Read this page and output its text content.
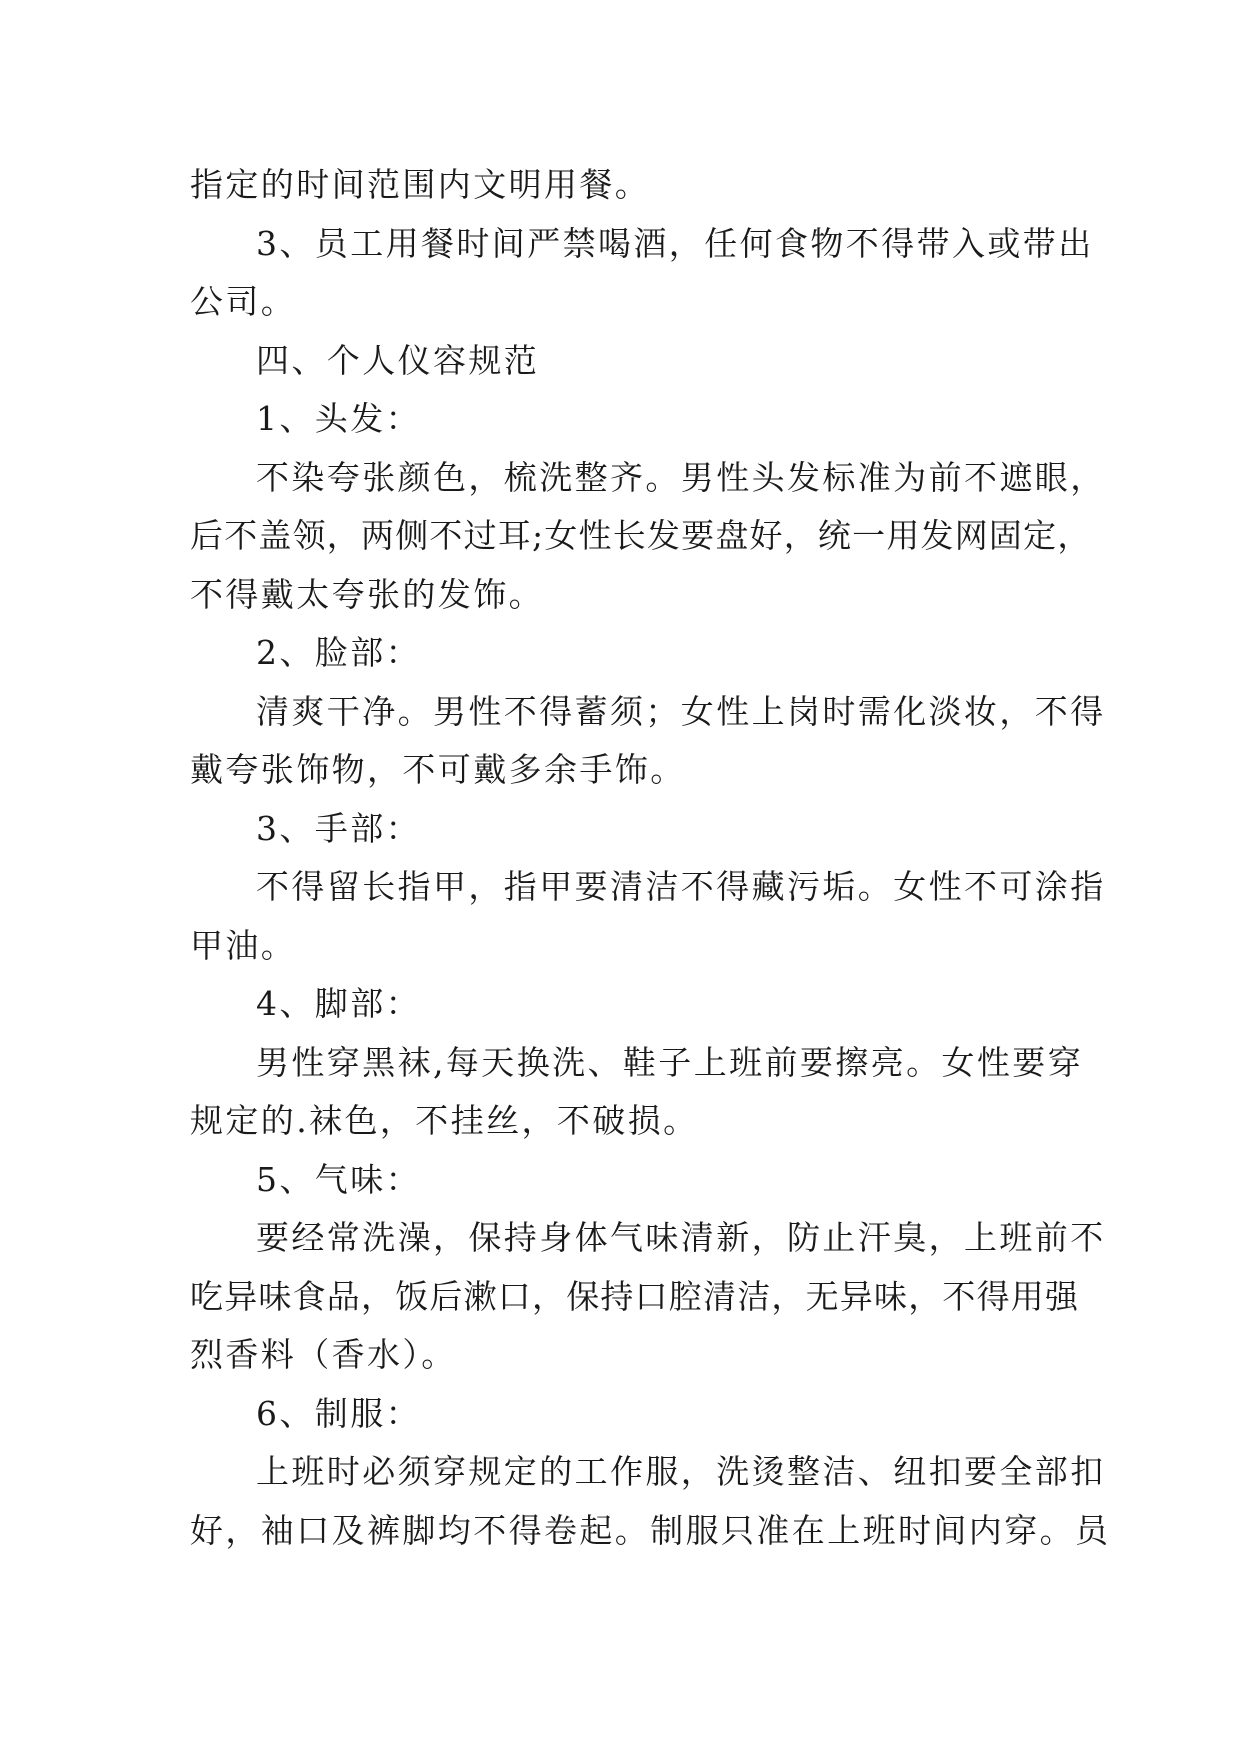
指定的时间范围内文明用餐。
3、员工用餐时间严禁喝酒，任何食物不得带入或带出
公司。
四、个人仪容规范
1、头发：
不染夸张颜色，梳洗整齐。男性头发标准为前不遮眼，
后不盖领，两侧不过耳;女性长发要盘好，统一用发网固定，
不得戴太夸张的发饰。
2、脸部：
清爽干净。男性不得蓄须；女性上岗时需化淡妆，不得
戴夸张饰物，不可戴多余手饰。
3、手部：
不得留长指甲，指甲要清洁不得藏污垢。女性不可涂指
甲油。
4、脚部：
男性穿黑袜,每天换洗、鞋子上班前要擦亮。女性要穿
规定的.袜色，不挂丝，不破损。
5、气味：
要经常洗澡，保持身体气味清新，防止汗臭，上班前不
吃异味食品，饭后漱口，保持口腔清洁，无异味，不得用强
烈香料（香水）。
6、制服：
上班时必须穿规定的工作服，洗烫整洁、纽扣要全部扣
好，袖口及裤脚均不得卷起。制服只准在上班时间内穿。员
